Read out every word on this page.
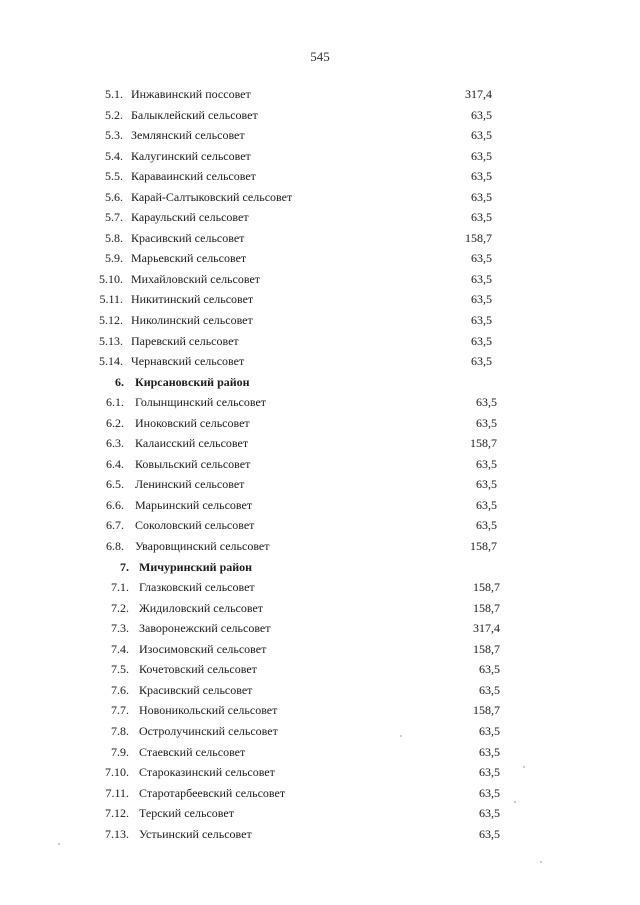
545
5.1. Инжавинский поссовет	317,4
5.2. Балыклейский сельсовет	63,5
5.3. Землянский сельсовет	63,5
5.4. Калугинский сельсовет	63,5
5.5. Караваинский сельсовет	63,5
5.6. Карай-Салтыковский сельсовет	63,5
5.7. Караульский сельсовет	63,5
5.8. Красивский сельсовет	158,7
5.9. Марьевский сельсовет	63,5
5.10. Михайловский сельсовет	63,5
5.11. Никитинский сельсовет	63,5
5.12. Николинский сельсовет	63,5
5.13. Паревский сельсовет	63,5
5.14. Чернавский сельсовет	63,5
6. Кирсановский район
6.1. Голынщинский сельсовет	63,5
6.2. Иноковский сельсовет	63,5
6.3. Калаисский сельсовет	158,7
6.4. Ковыльский сельсовет	63,5
6.5. Ленинский сельсовет	63,5
6.6. Марьинский сельсовет	63,5
6.7. Соколовский сельсовет	63,5
6.8. Уваровщинский сельсовет	158,7
7. Мичуринский район
7.1. Глазковский сельсовет	158,7
7.2. Жидиловский сельсовет	158,7
7.3. Заворонежский сельсовет	317,4
7.4. Изосимовский сельсовет	158,7
7.5. Кочетовский сельсовет	63,5
7.6. Красивский сельсовет	63,5
7.7. Новоникольский сельсовет	158,7
7.8. Остролучинский сельсовет	63,5
7.9. Стаевский сельсовет	63,5
7.10. Староказинский сельсовет	63,5
7.11. Старотарбеевский сельсовет	63,5
7.12. Терский сельсовет	63,5
7.13. Устьинский сельсовет	63,5
